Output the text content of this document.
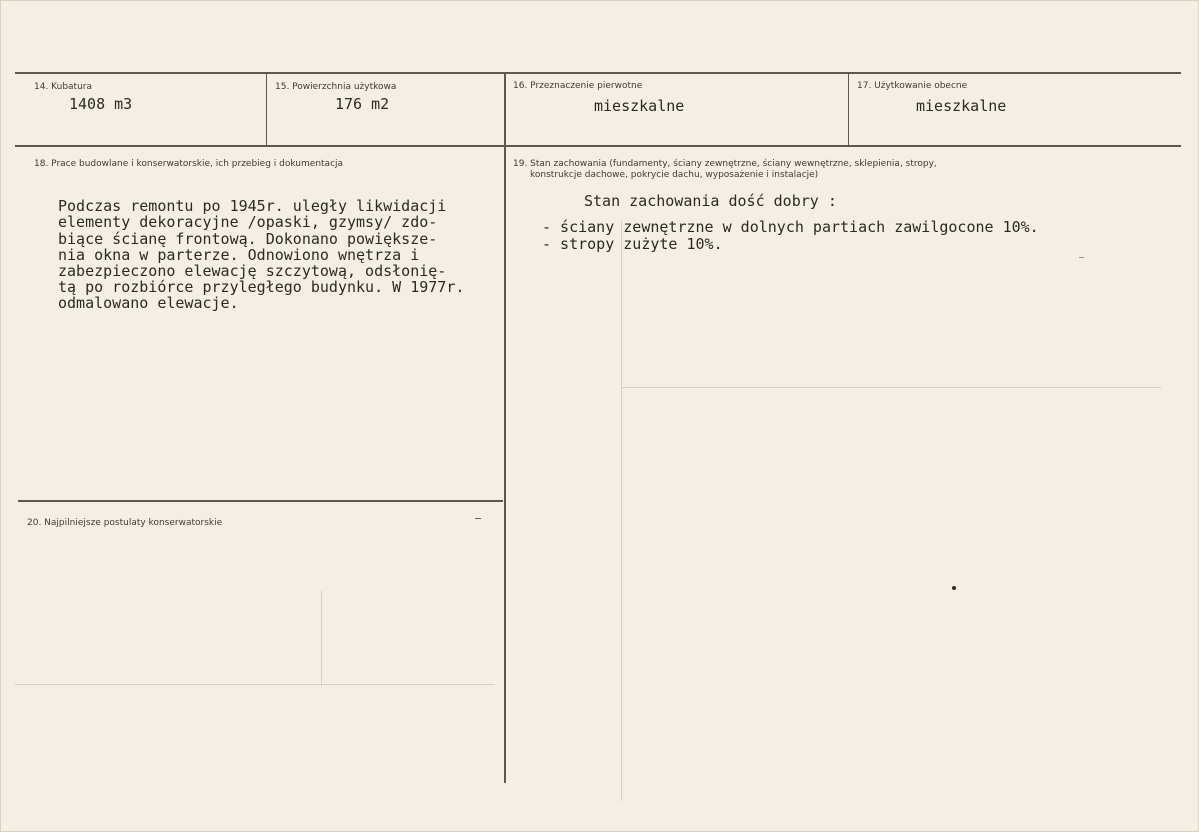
14. Kubatura
1408 m3
15. Powierzchnia użytkowa
176 m2
16. Przeznaczenie pierwotne
mieszkalne
17. Użytkowanie obecne
mieszkalne
18. Prace budowlane i konserwatorskie, ich przebieg i dokumentacja

Podczas remontu po 1945r. uległy likwidacji
elementy dekoracyjne /opaski, gzymsy/ zdo-
biące ścianę frontową. Dokonano powiększe-
nia okna w parterze. Odnowiono wnętrza i
zabezpieczono elewację szczytową, odsłonię-
tą po rozbiórce przyległego budynku. W 1977r.
odmalowano elewacje.
19. Stan zachowania (fundamenty, ściany zewnętrzne, ściany wewnętrzne, sklepienia, stropy,
konstrukcje dachowe, pokrycie dachu, wyposażenie i instalacje)
Stan zachowania dość dobry :
- ściany zewnętrzne w dolnych partiach zawilgocone 10%.
- stropy zużyte 10%.
20. Najpilniejsze postulaty konserwatorskie
